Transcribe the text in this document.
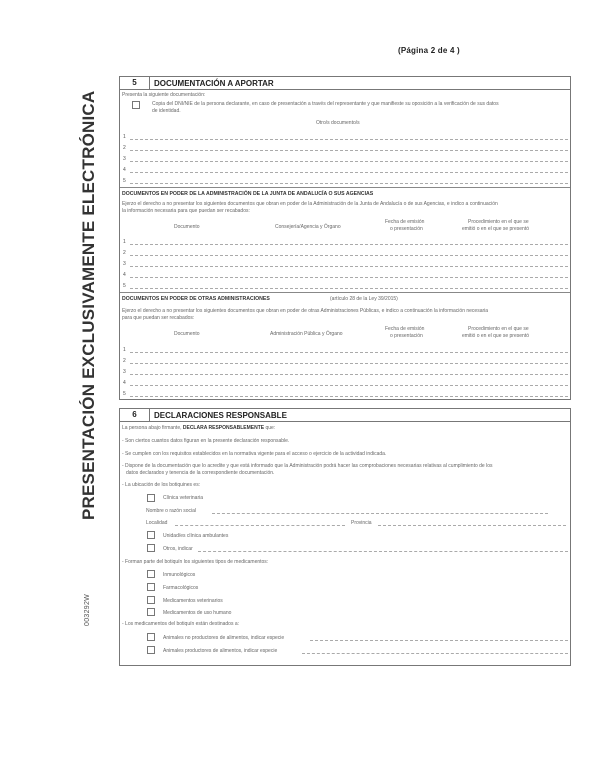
(Página 2 de 4 )
PRESENTACIÓN EXCLUSIVAMENTE ELECTRÓNICA
003292W
5	DOCUMENTACIÓN A APORTAR
Presenta la siguiente documentación:
Copia del DNI/NIE de la persona declarante, en caso de presentación a través del representante y que manifieste su oposición a la verificación de sus datos
de identidad.
Otro/s documento/s
1
2
3
4
5
DOCUMENTOS EN PODER DE LA ADMINISTRACIÓN DE LA JUNTA DE ANDALUCÍA O SUS AGENCIAS
Ejerzo el derecho a no presentar los siguientes documentos que obran en poder de la Administración de la Junta de Andalucía o de sus Agencias, e indico a continuación
la información necesaria para que puedan ser recabados:
Documento	Consejería/Agencia y Órgano
Fecha de emisión
o presentación
Procedimiento en el que se
emitió o en el que se presentó
1
2
3
4
5
DOCUMENTOS EN PODER DE OTRAS ADMINISTRACIONES	(artículo 28 de la Ley 39/2015)
Ejerzo el derecho a no presentar los siguientes documentos que obran en poder de otras Administraciones Públicas, e indico a continuación la información necesaria
para que puedan ser recabados:
Documento	Administración Pública y Órgano
Fecha de emisión
o presentación
Procedimiento en el que se
emitió o en el que se presentó
1
2
3
4
5
6	DECLARACIONES RESPONSABLE
La persona abajo firmante, DECLARA RESPONSABLEMENTE que:
- Son ciertos cuantos datos figuran en la presente declaración responsable.
- Se cumplen con los requisitos establecidos en la normativa vigente para el acceso o ejercicio de la actividad indicada.
- Dispone de la documentación que lo acredite y que está informado que la Administración podrá hacer las comprobaciones necesarias relativas al cumplimiento de los
datos declarados y tenencia de la correspondiente documentación.
- La ubicación de los botiquines es:
Clínica veterinaria
Nombre o razón social
Localidad	Provincia
Unidad/es clínica ambulantes
Otros, indicar
- Forman parte del botiquín los siguientes tipos de medicamentos:
Inmunológicos
Farmacológicos
Medicamentos veterinarios
Medicamentos de uso humano
- Los medicamentos del botiquín están destinados a:
Animales no productores de alimentos, indicar especie
Animales productores de alimentos, indicar especie
